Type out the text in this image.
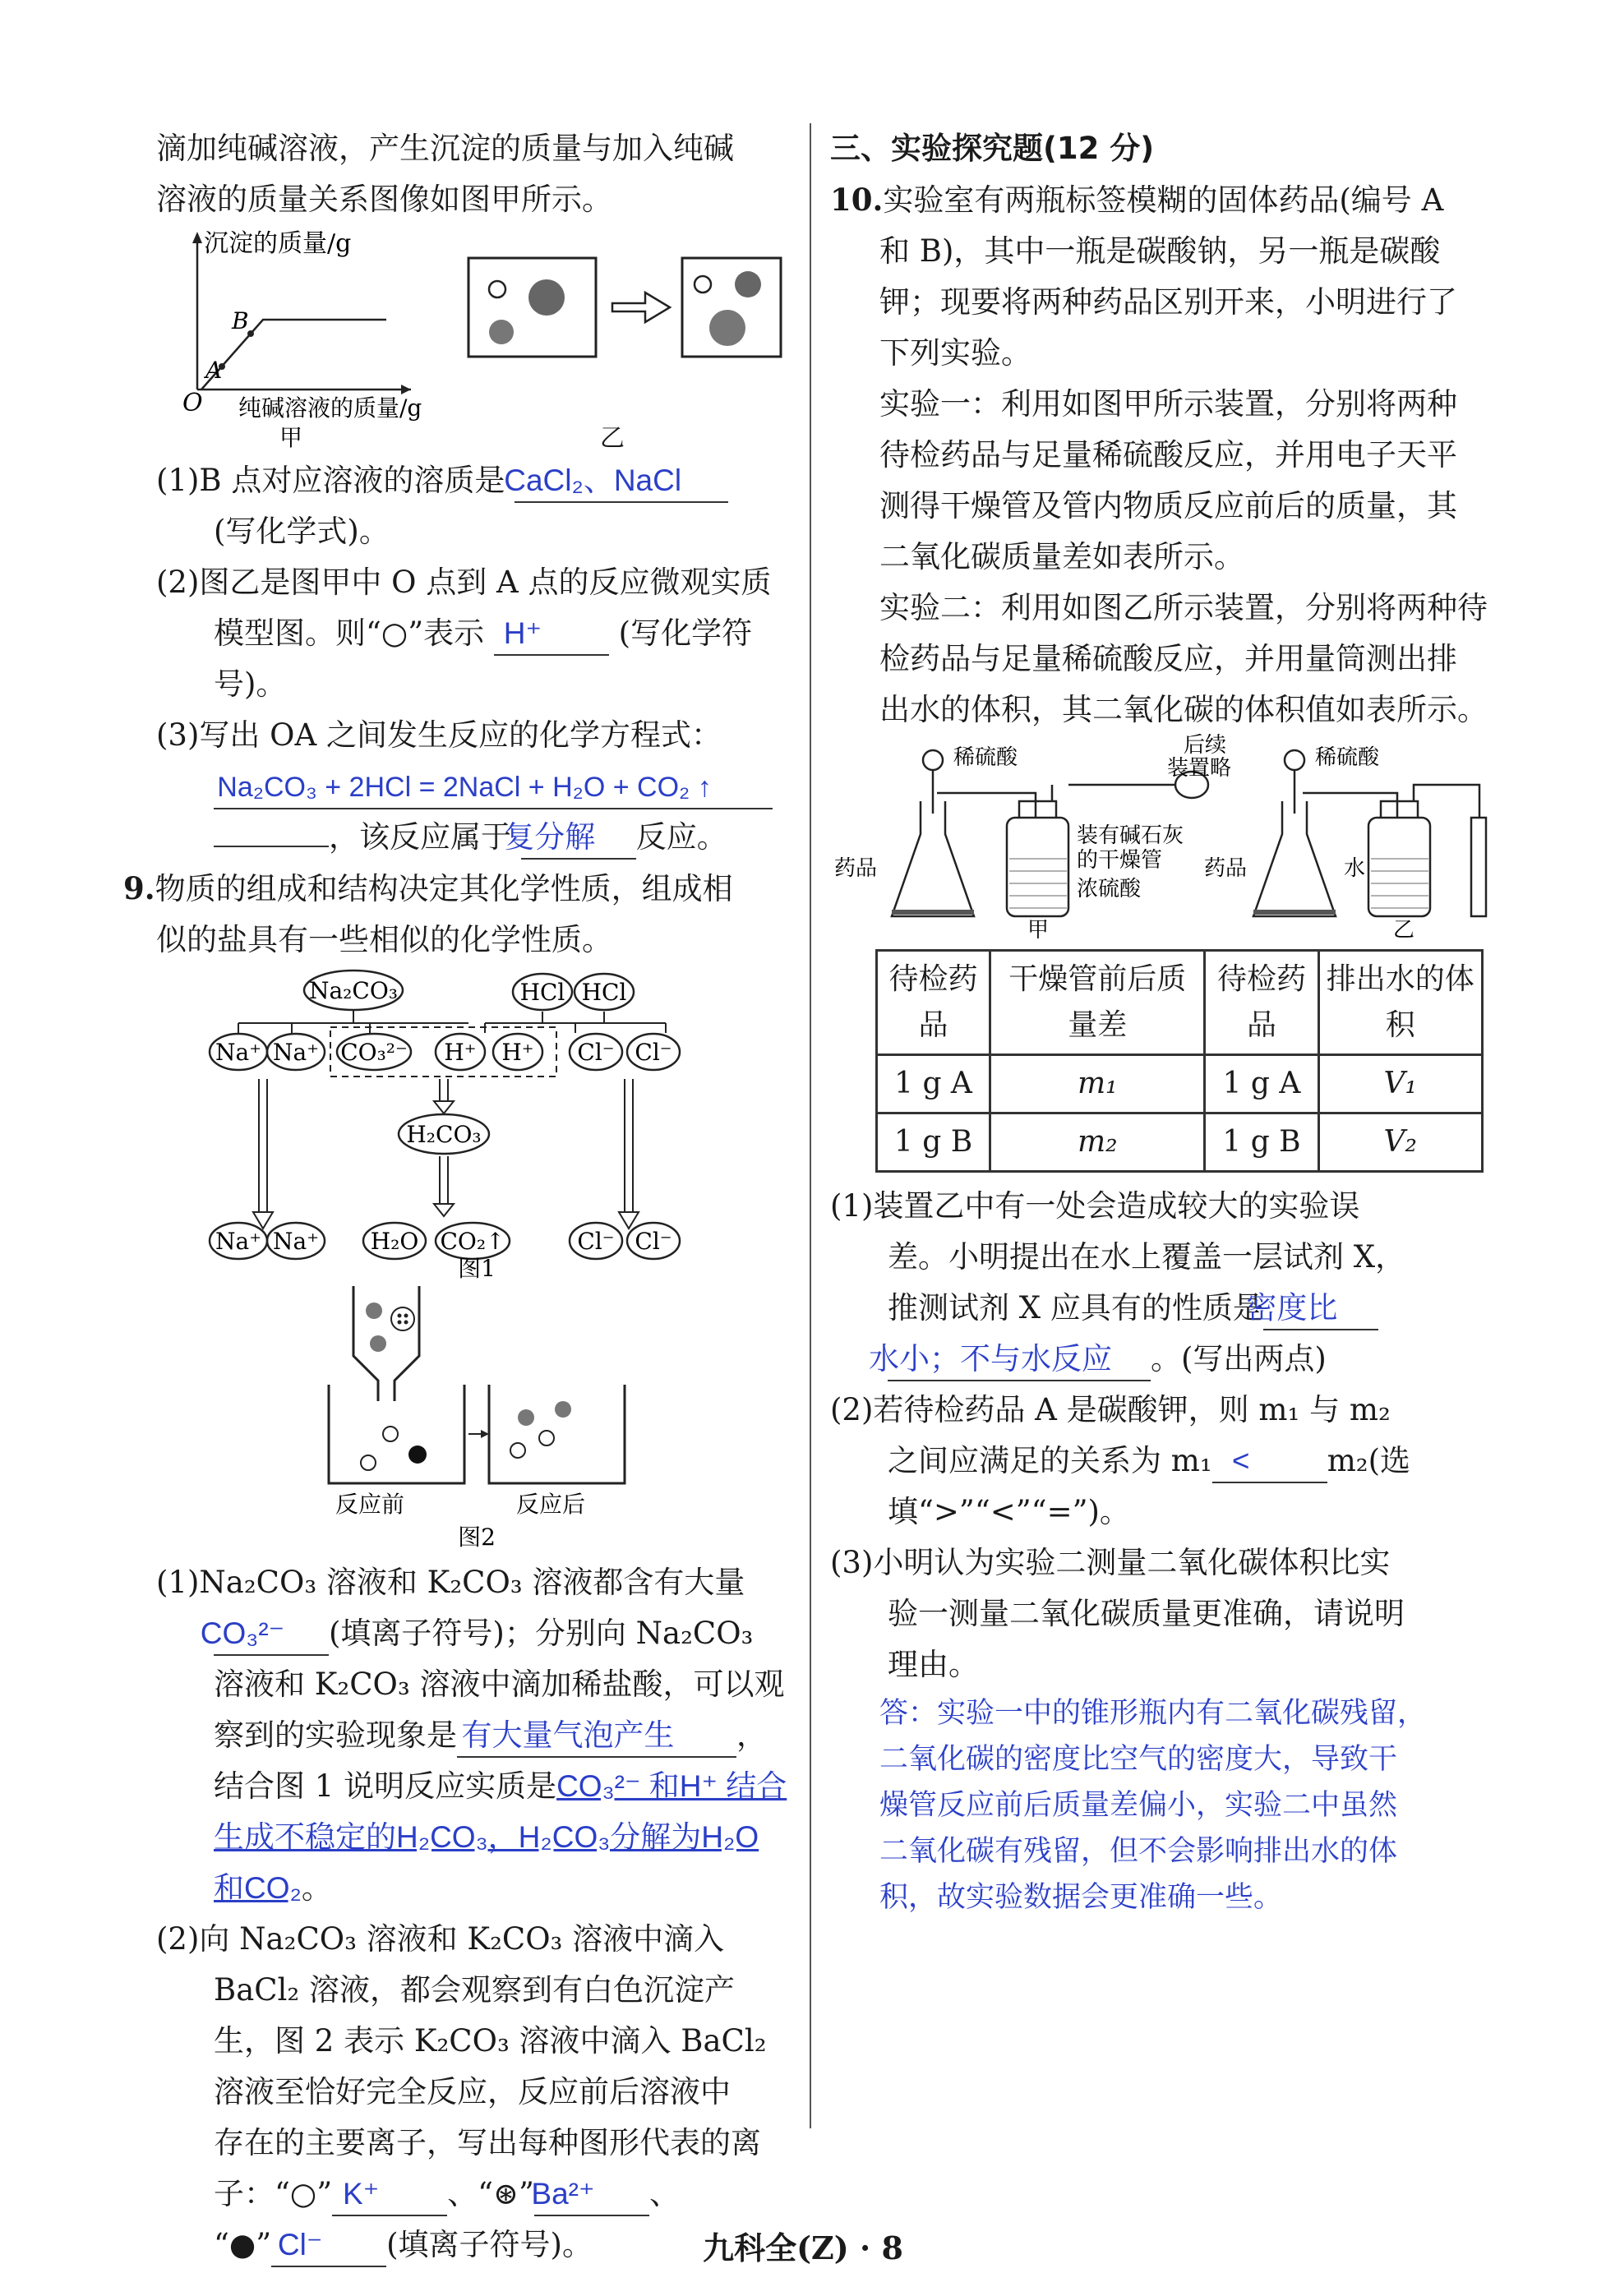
滴加纯碱溶液，产生沉淀的质量与加入纯碱

溶液的质量关系图像如图甲所示。

沉淀的质量/g
O
A
B
纯碱溶液的质量/g
甲	乙

(1)B 点对应溶液的溶质是 CaCl₂、NaCl
(写化学式)。

(2)图乙是图甲中 O 点到 A 点的反应微观实质
模型图。则“○”表示 H⁺	(写化学符号)。

(3)写出 OA 之间发生反应的化学方程式：
Na₂CO₃ + 2HCl = 2NaCl + H₂O + CO₂ ↑
，该反应属于 复分解 反应。

9.物质的组成和结构决定其化学性质，组成相
似的盐具有一些相似的化学性质。

Na₂CO₃	HCl HCl
Na⁺ Na⁺ CO₃²⁻ H⁺ H⁺ Cl⁻ Cl⁻
H₂CO₃
Na⁺ Na⁺ H₂O CO₂↑	Cl⁻ Cl⁻
图1
反应前	反应后
图2

(1)Na₂CO₃ 溶液和 K₂CO₃ 溶液都含有大量
CO₃²⁻ (填离子符号)；分别向 Na₂CO₃
溶液和 K₂CO₃ 溶液中滴加稀盐酸，可以观
察到的实验现象是 有大量气泡产生 ，
结合图 1 说明反应实质是CO₃²⁻ 和H⁺ 结合生成不稳定的H₂CO₃，H₂CO₃分解为H₂O和CO₂。

(2)向 Na₂CO₃ 溶液和 K₂CO₃ 溶液中滴入
BaCl₂ 溶液，都会观察到有白色沉淀产
生，图 2 表示 K₂CO₃ 溶液中滴入 BaCl₂
溶液至恰好完全反应，反应前后溶液中
存在的主要离子，写出每种图形代表的离
子：“○” K⁺ 、“⊛”Ba²⁺ 、
“●” Cl⁻ (填离子符号)。

三、实验探究题(12 分)

10.实验室有两瓶标签模糊的固体药品(编号 A
和 B)，其中一瓶是碳酸钠，另一瓶是碳酸
钾；现要将两种药品区别开来，小明进行了
下列实验。

实验一：利用如图甲所示装置，分别将两种
待检药品与足量稀硫酸反应，并用电子天平
测得干燥管及管内物质反应前后的质量，其
二氧化碳质量差如表所示。

实验二：利用如图乙所示装置，分别将两种待
检药品与足量稀硫酸反应，并用量筒测出排
出水的体积，其二氧化碳的体积值如表所示。

稀硫酸	稀硫酸
后续
装置略
药品	药品
装有碱石灰
的干燥管
浓硫酸
水
甲	乙
待检药品	干燥管前后质量差	待检药品	排出水的体积
1 g A	m₁	1 g A	V₁
1 g B	m₂	1 g B	V₂

(1)装置乙中有一处会造成较大的实验误
差。小明提出在水上覆盖一层试剂 X，
推测试剂 X 应具有的性质是密度比
水小；不与水反应 。(写出两点)

(2)若待检药品 A 是碳酸钾，则 m₁ 与 m₂
之间应满足的关系为 m₁ <	m₂(选
填“>”“<”“=”)。

(3)小明认为实验二测量二氧化碳体积比实
验一测量二氧化碳质量更准确，请说明
理由。

答：实验一中的锥形瓶内有二氧化碳残留，
二氧化碳的密度比空气的密度大，导致干
燥管反应前后质量差偏小，实验二中虽然
二氧化碳有残留，但不会影响排出水的体
积，故实验数据会更准确一些。

九科全(Z) · 8
